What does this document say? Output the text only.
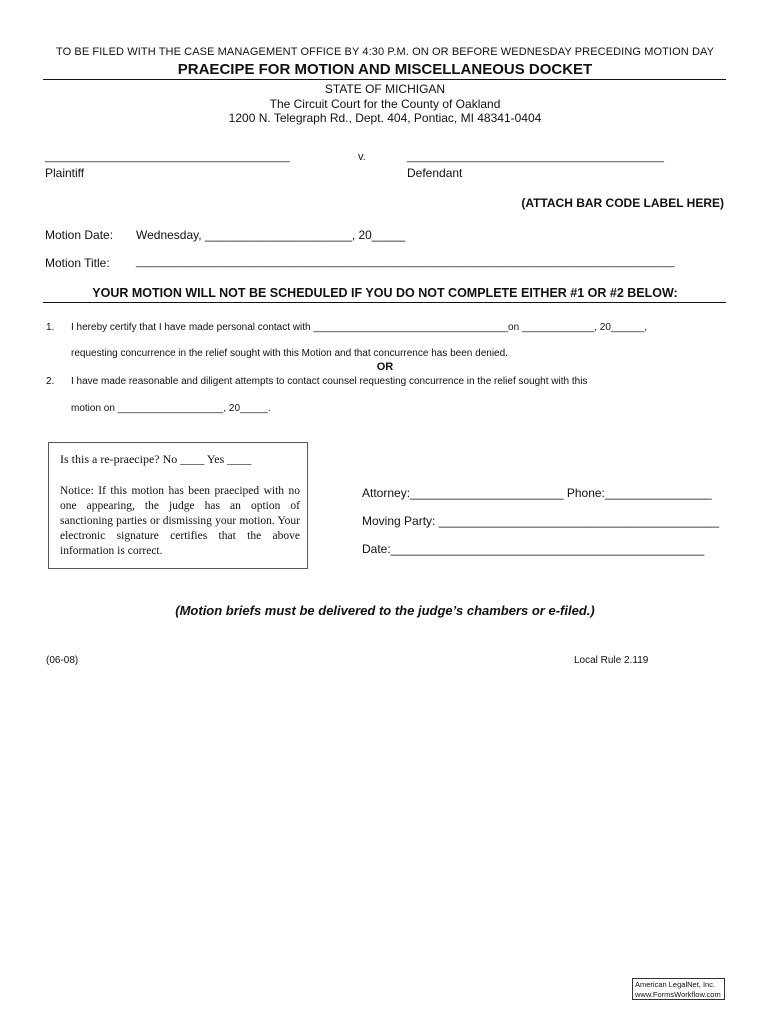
TO BE FILED WITH THE CASE MANAGEMENT OFFICE BY 4:30 P.M. ON OR BEFORE WEDNESDAY PRECEDING MOTION DAY
PRAECIPE FOR MOTION AND MISCELLANEOUS DOCKET
STATE OF MICHIGAN
The Circuit Court for the County of Oakland
1200 N. Telegraph Rd., Dept. 404, Pontiac, MI 48341-0404
________________________________________	v.	__________________________________________
Plaintiff	Defendant
(ATTACH BAR CODE LABEL HERE)
Motion Date: Wednesday, ______________________, 20_____
Motion Title: ________________________________________________________________________________________
YOUR MOTION WILL NOT BE SCHEDULED IF YOU DO NOT COMPLETE EITHER #1 OR #2 BELOW:
1. I hereby certify that I have made personal contact with ___________________________________on _____________, 20______,
requesting concurrence in the relief sought with this Motion and that concurrence has been denied.
OR
2. I have made reasonable and diligent attempts to contact counsel requesting concurrence in the relief sought with this
motion on ___________________, 20_____.
Is this a re-praecipe? No ____ Yes ____
Notice: If this motion has been praeciped with no one appearing, the judge has an option of sanctioning parties or dismissing your motion. Your electronic signature certifies that the above information is correct.
Attorney:_______________________ Phone:________________
Moving Party: __________________________________________
Date:_______________________________________________
(Motion briefs must be delivered to the judge’s chambers or e-filed.)
(06-08)	Local Rule 2.119
American LegalNet, Inc.
www.FormsWorkflow.com
